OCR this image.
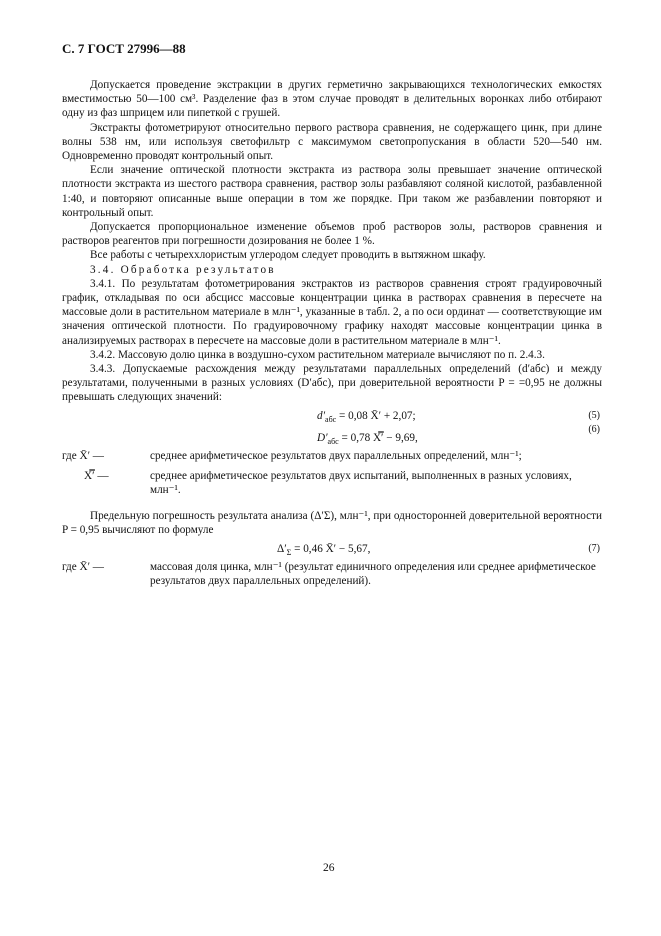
С. 7 ГОСТ 27996—88

Допускается проведение экстракции в других герметично закрывающихся технологических емкостях вместимостью 50—100 см³. Разделение фаз в этом случае проводят в делительных воронках либо отбирают одну из фаз шприцем или пипеткой с грушей.

Экстракты фотометрируют относительно первого раствора сравнения, не содержащего цинк, при длине волны 538 нм, или используя светофильтр с максимумом светопропускания в области 520—540 нм. Одновременно проводят контрольный опыт.

Если значение оптической плотности экстракта из раствора золы превышает значение оптической плотности экстракта из шестого раствора сравнения, раствор золы разбавляют соляной кислотой, разбавленной 1:40, и повторяют описанные выше операции в том же порядке. При таком же разбавлении повторяют и контрольный опыт.

Допускается пропорциональное изменение объемов проб растворов золы, растворов сравнения и растворов реагентов при погрешности дозирования не более 1 %.

Все работы с четыреххлористым углеродом следует проводить в вытяжном шкафу.

3.4. Обработка результатов

3.4.1. По результатам фотометрирования экстрактов из растворов сравнения строят градуировочный график, откладывая по оси абсцисс массовые концентрации цинка в растворах сравнения в пересчете на массовые доли в растительном материале в млн⁻¹, указанные в табл. 2, а по оси ординат — соответствующие им значения оптической плотности. По градуировочному графику находят массовые концентрации цинка в анализируемых растворах в пересчете на массовые доли в растительном материале в млн⁻¹.

3.4.2. Массовую долю цинка в воздушно-сухом растительном материале вычисляют по п. 2.4.3.

3.4.3. Допускаемые расхождения между результатами параллельных определений (d′абс) и между результатами, полученными в разных условиях (D′абс), при доверительной вероятности P = =0,95 не должны превышать следующих значений:

$d'_{абс} = 0,08$ X̄′ + 2,07;	(5)
$D'_{абс} = 0,78$ X̿′ − 9,69,
(6)
где X̄′ —	среднее арифметическое результатов двух параллельных определений, млн⁻¹;
X̿′ —	среднее арифметическое результатов двух испытаний, выполненных в разных условиях, млн⁻¹.

Предельную погрешность результата анализа (Δ′Σ), млн⁻¹, при односторонней доверительной вероятности P = 0,95 вычисляют по формуле

$\Delta'_\Sigma = 0,46$ X̄′ − 5,67,	(7)
где X̄′ —	массовая доля цинка, млн⁻¹ (результат единичного определения или среднее арифметическое результатов двух параллельных определений).
26
